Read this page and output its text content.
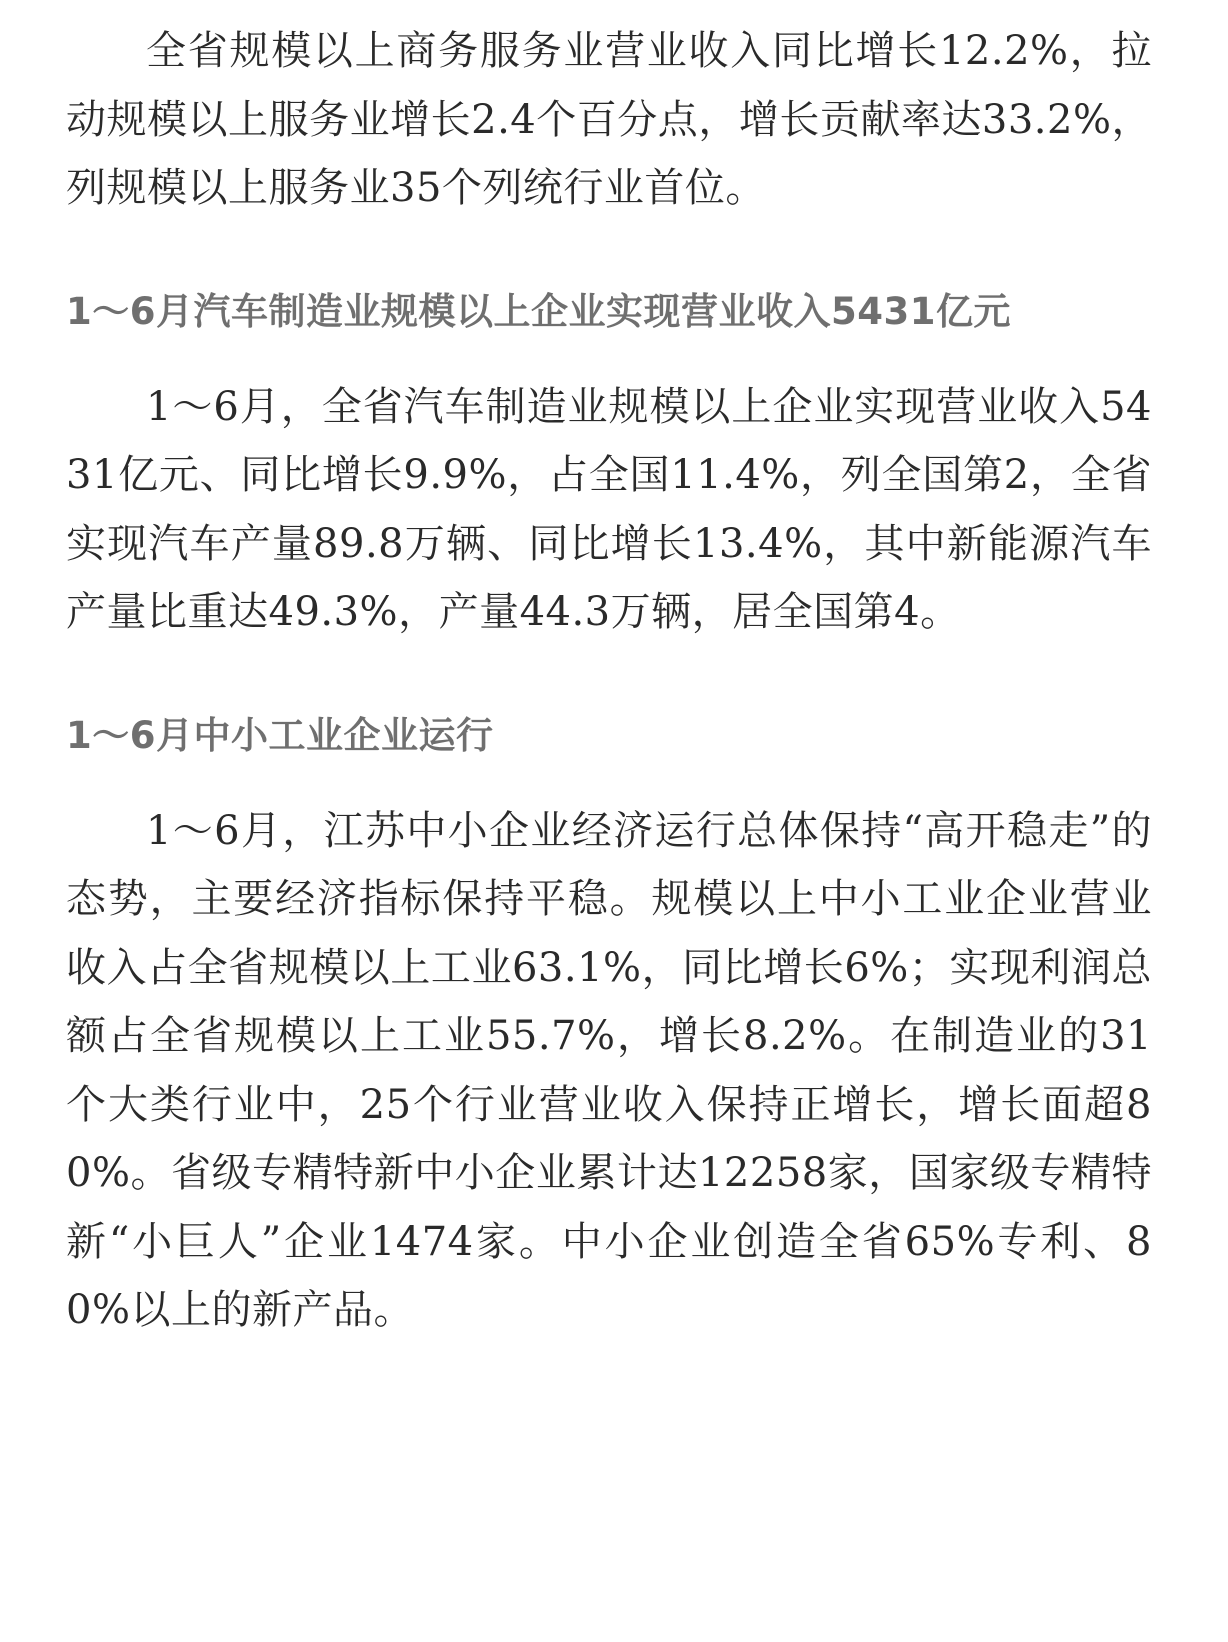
全省规模以上商务服务业营业收入同比增长12.2%，拉动规模以上服务业增长2.4个百分点，增长贡献率达33.2%，列规模以上服务业35个列统行业首位。

1～6月汽车制造业规模以上企业实现营业收入5431亿元

1～6月，全省汽车制造业规模以上企业实现营业收入5431亿元、同比增长9.9%，占全国11.4%，列全国第2，全省实现汽车产量89.8万辆、同比增长13.4%，其中新能源汽车产量比重达49.3%，产量44.3万辆，居全国第4。

1～6月中小工业企业运行

1～6月，江苏中小企业经济运行总体保持“高开稳走”的态势，主要经济指标保持平稳。规模以上中小工业企业营业收入占全省规模以上工业63.1%，同比增长6%；实现利润总额占全省规模以上工业55.7%，增长8.2%。在制造业的31个大类行业中，25个行业营业收入保持正增长，增长面超80%。省级专精特新中小企业累计达12258家，国家级专精特新“小巨人”企业1474家。中小企业创造全省65%专利、80%以上的新产品。
